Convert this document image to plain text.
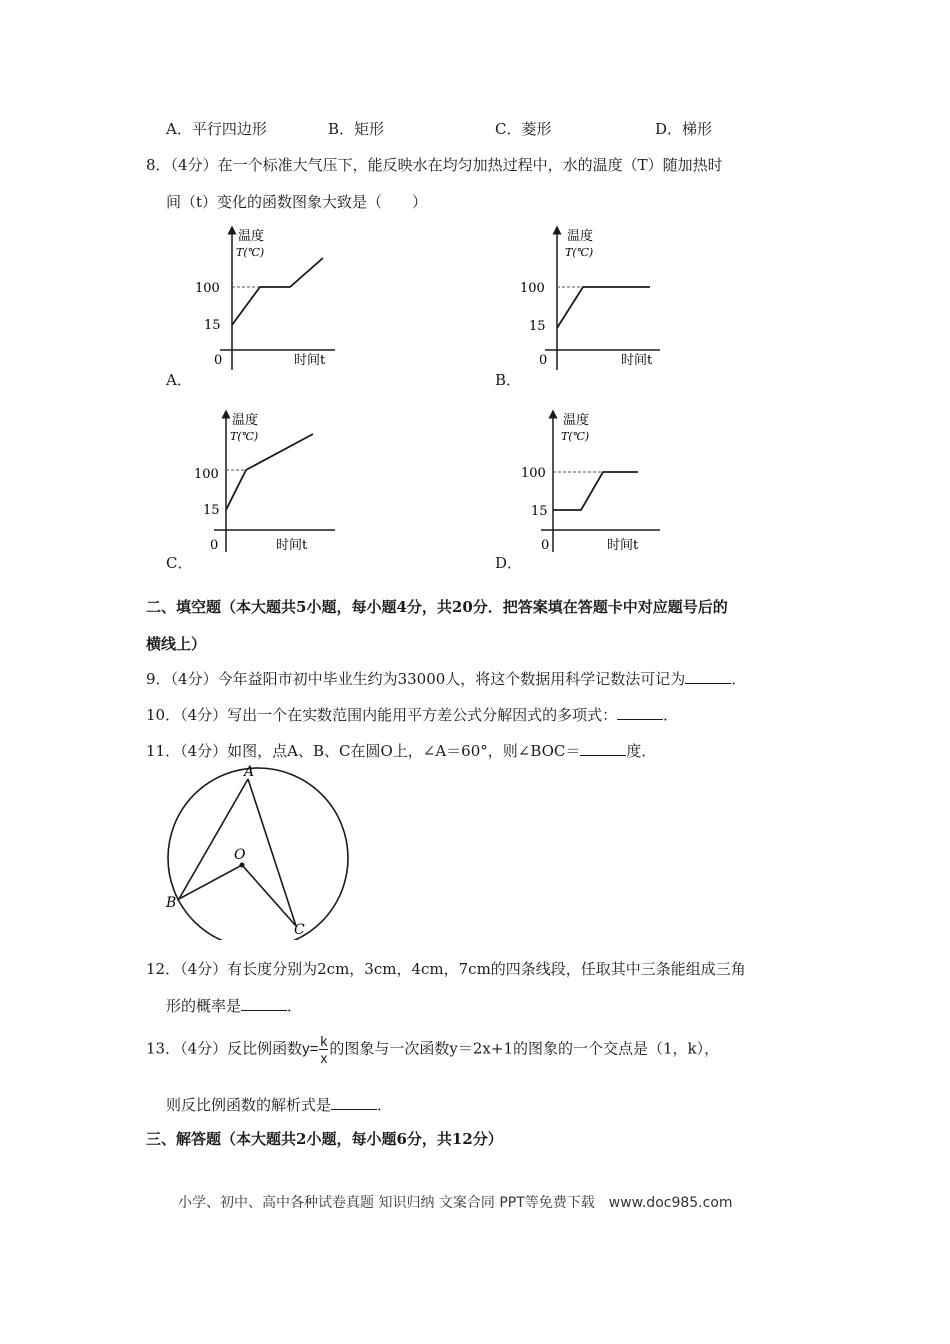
A．平行四边形	B．矩形	C．菱形	D．梯形
8．（4分）在一个标准大气压下，能反映水在均匀加热过程中，水的温度（T）随加热时
间（t）变化的函数图象大致是（　　）
温度
T(℃)
100
15
0	时间t
A．
温度
T(℃)
100
15
0	时间t
B．
温度
T(℃)
100
15
0	时间t
C．
温度
T(℃)
100
15
0	时间t
D．
二、填空题（本大题共5小题，每小题4分，共20分．把答案填在答题卡中对应题号后的
横线上）
9．（4分）今年益阳市初中毕业生约为33000人，将这个数据用科学记数法可记为	．
10．（4分）写出一个在实数范围内能用平方差公式分解因式的多项式：	．
11．（4分）如图，点A、B、C在圆O上，∠A＝60°，则∠BOC＝	度．
A
B
C
O
12．（4分）有长度分别为2cm，3cm，4cm，7cm的四条线段，任取其中三条能组成三角
形的概率是	．
13．（4分）反比例函数$y= \frac{k}{x}$ 的图象与一次函数y＝2x+1的图象的一个交点是（1，k），
则反比例函数的解析式是	．
三、解答题（本大题共2小题，每小题6分，共12分）
小学、初中、高中各种试卷真题 知识归纳 文案合同 PPT等免费下载　www.doc985.com
